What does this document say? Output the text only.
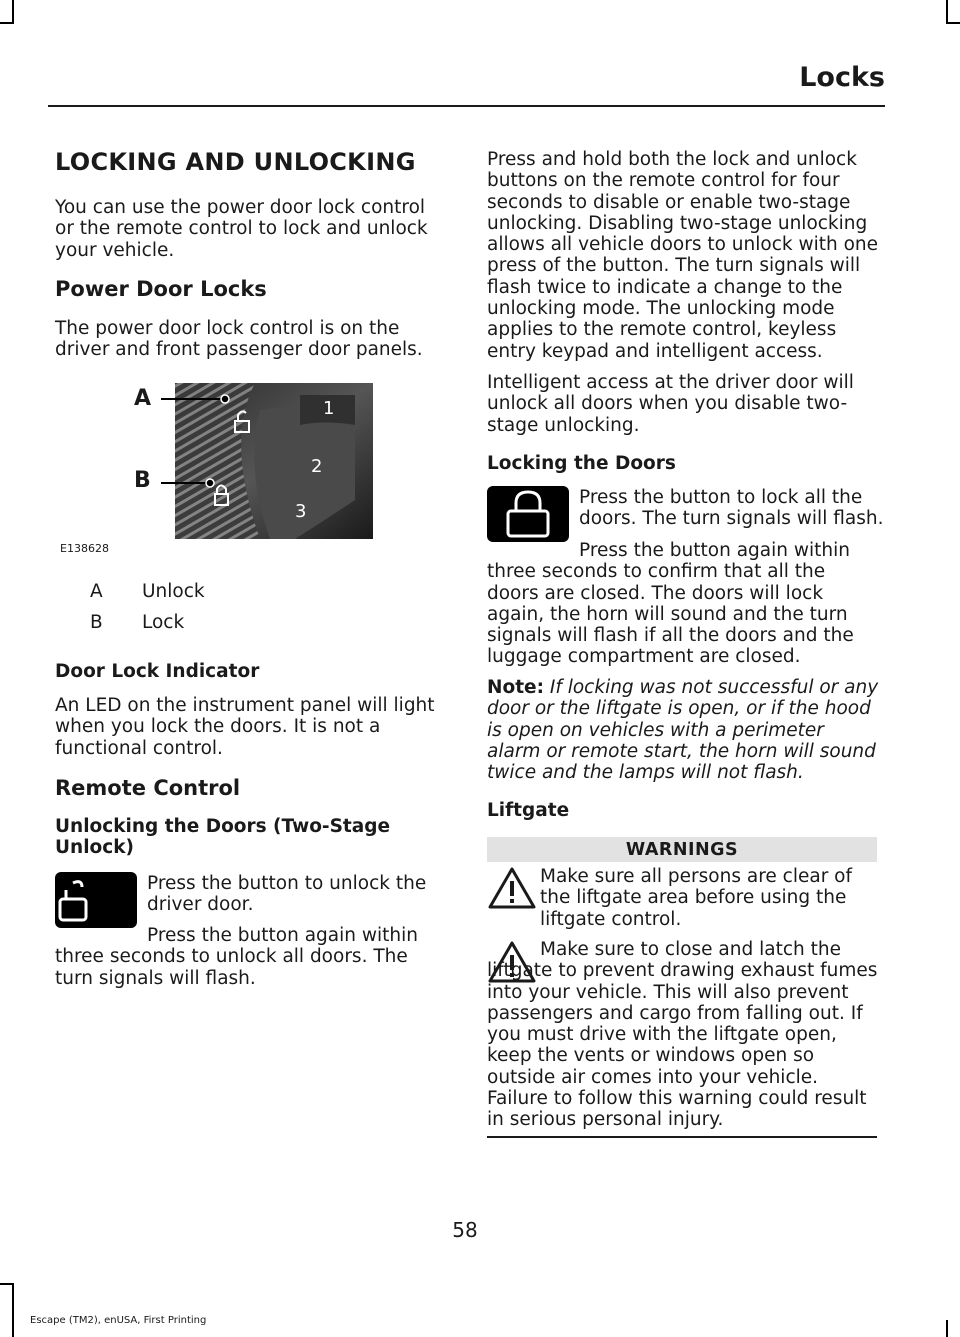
Locks
LOCKING AND UNLOCKING
You can use the power door lock control or the remote control to lock and unlock your vehicle.
Power Door Locks
The power door lock control is on the driver and front passenger door panels.
A
B
1
2
3
E138628
A Unlock
B Lock
Door Lock Indicator
An LED on the instrument panel will light when you lock the doors. It is not a functional control.
Remote Control
Unlocking the Doors (Two-Stage Unlock)
Press the button to unlock the driver door.
Press the button again within three seconds to unlock all doors. The turn signals will flash.
Press and hold both the lock and unlock buttons on the remote control for four seconds to disable or enable two-stage unlocking. Disabling two-stage unlocking allows all vehicle doors to unlock with one press of the button. The turn signals will flash twice to indicate a change to the unlocking mode. The unlocking mode applies to the remote control, keyless entry keypad and intelligent access.
Intelligent access at the driver door will unlock all doors when you disable two-stage unlocking.
Locking the Doors
Press the button to lock all the doors. The turn signals will flash.
Press the button again within three seconds to confirm that all the doors are closed. The doors will lock again, the horn will sound and the turn signals will flash if all the doors and the luggage compartment are closed.
Note: If locking was not successful or any door or the liftgate is open, or if the hood is open on vehicles with a perimeter alarm or remote start, the horn will sound twice and the lamps will not flash.
Liftgate
WARNINGS
Make sure all persons are clear of the liftgate area before using the liftgate control.
Make sure to close and latch the liftgate to prevent drawing exhaust fumes into your vehicle. This will also prevent passengers and cargo from falling out. If you must drive with the liftgate open, keep the vents or windows open so outside air comes into your vehicle. Failure to follow this warning could result in serious personal injury.
58
Escape (TM2), enUSA, First Printing
